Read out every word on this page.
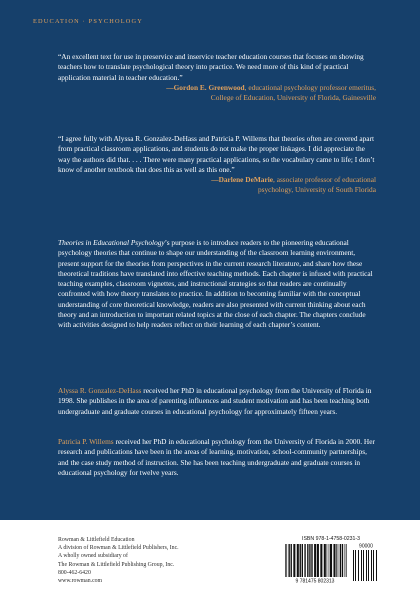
EDUCATION · PSYCHOLOGY

“An excellent text for use in preservice and inservice teacher education courses that focuses on showing teachers how to translate psychological theory into practice. We need more of this kind of practical application material in teacher education.”

—Gordon E. Greenwood, educational psychology professor emeritus,
College of Education, University of Florida, Gainesville

“I agree fully with Alyssa R. Gonzalez-DeHass and Patricia P. Willems that theories often are covered apart from practical classroom applications, and students do not make the proper linkages. I did appreciate the way the authors did that. . . . There were many practical applications, so the vocabulary came to life; I don’t know of another textbook that does this as well as this one.”

—Darlene DeMarie, associate professor of educational
psychology, University of South Florida

Theories in Educational Psychology’s purpose is to introduce readers to the pioneering educational psychology theories that continue to shape our understanding of the classroom learning environment, present support for the theories from perspectives in the current research literature, and share how these theoretical traditions have translated into effective teaching methods. Each chapter is infused with practical teaching examples, classroom vignettes, and instructional strategies so that readers are continually confronted with how theory translates to practice. In addition to becoming familiar with the conceptual understanding of core theoretical knowledge, readers are also presented with current thinking about each theory and an introduction to important related topics at the close of each chapter. The chapters conclude with activities designed to help readers reflect on their learning of each chapter’s content.

Alyssa R. Gonzalez-DeHass received her PhD in educational psychology from the University of Florida in 1998. She publishes in the area of parenting influences and student motivation and has been teaching both undergraduate and graduate courses in educational psychology for approximately fifteen years.

Patricia P. Willems received her PhD in educational psychology from the University of Florida in 2000. Her research and publications have been in the areas of learning, motivation, school-community partnerships, and the case study method of instruction. She has been teaching undergraduate and graduate courses in educational psychology for twelve years.

Rowman & Littlefield Education
A division of Rowman & Littlefield Publishers, Inc.
A wholly owned subsidiary of
The Rowman & Littlefield Publishing Group, Inc.
800-462-6420
www.rowman.com
ISBN 978-1-4758-0231-3
90000
9 781475 802313
